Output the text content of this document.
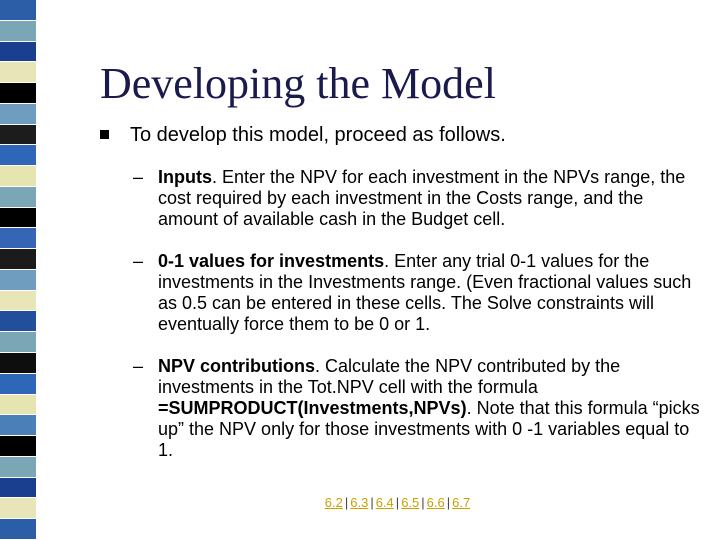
Developing the Model
To develop this model, proceed as follows.
– Inputs. Enter the NPV for each investment in the NPVs range, the cost required by each investment in the Costs range, and the amount of available cash in the Budget cell.
– 0-1 values for investments. Enter any trial 0-1 values for the investments in the Investments range. (Even fractional values such as 0.5 can be entered in these cells. The Solve constraints will eventually force them to be 0 or 1.
– NPV contributions. Calculate the NPV contributed by the investments in the Tot.NPV cell with the formula =SUMPRODUCT(Investments,NPVs). Note that this formula “picks up” the NPV only for those investments with 0 -1 variables equal to 1.
6.2 | 6.3 | 6.4 | 6.5 | 6.6 | 6.7
